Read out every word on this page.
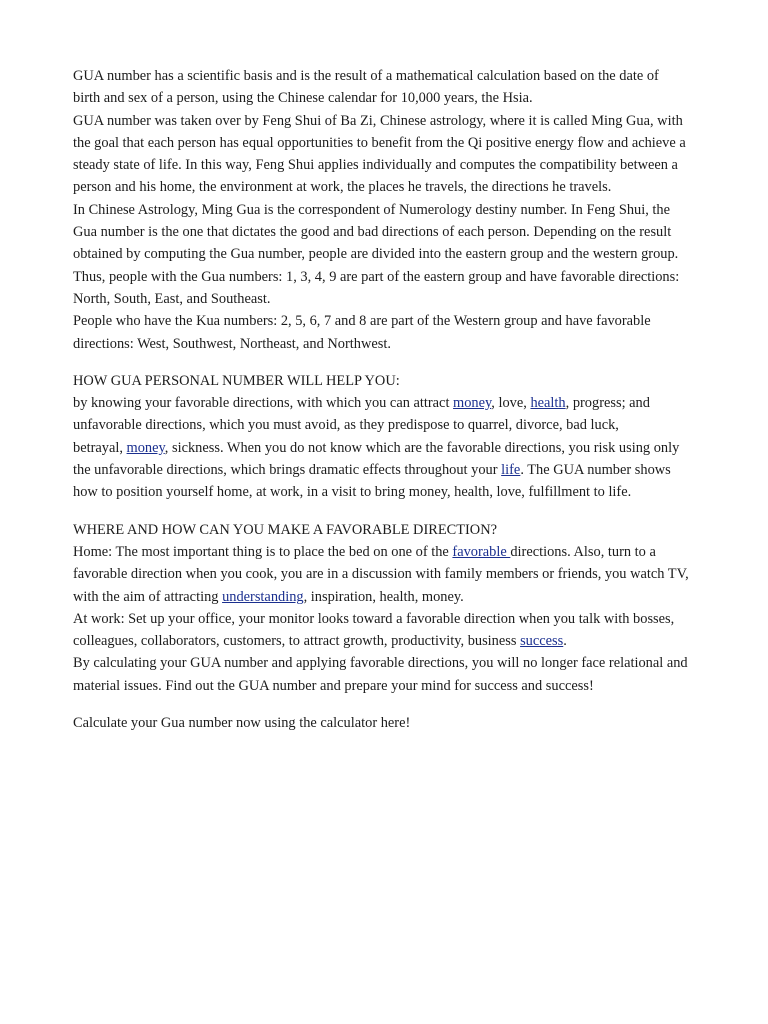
GUA number has a scientific basis and is the result of a mathematical calculation based on the date of
birth and sex of a person, using the Chinese calendar for 10,000 years, the Hsia.
GUA number was taken over by Feng Shui of Ba Zi, Chinese astrology, where it is called Ming Gua, with
the goal that each person has equal opportunities to benefit from the Qi positive energy flow and achieve a
steady state of life. In this way, Feng Shui applies individually and computes the compatibility between a
person and his home, the environment at work, the places he travels, the directions he travels.
In Chinese Astrology, Ming Gua is the correspondent of Numerology destiny number. In Feng Shui, the
Gua number is the one that dictates the good and bad directions of each person. Depending on the result
obtained by computing the Gua number, people are divided into the eastern group and the western group.
Thus, people with the Gua numbers: 1, 3, 4, 9 are part of the eastern group and have favorable directions:
North, South, East, and Southeast.
People who have the Kua numbers: 2, 5, 6, 7 and 8 are part of the Western group and have favorable
directions: West, Southwest, Northeast, and Northwest.
HOW GUA PERSONAL NUMBER WILL HELP YOU:
by knowing your favorable directions, with which you can attract money, love, health, progress; and
unfavorable directions, which you must avoid, as they predispose to quarrel, divorce, bad luck,
betrayal, money, sickness. When you do not know which are the favorable directions, you risk using only
the unfavorable directions, which brings dramatic effects throughout your life. The GUA number shows
how to position yourself home, at work, in a visit to bring money, health, love, fulfillment to life.
WHERE AND HOW CAN YOU MAKE A FAVORABLE DIRECTION?
Home: The most important thing is to place the bed on one of the favorable directions. Also, turn to a
favorable direction when you cook, you are in a discussion with family members or friends, you watch TV,
with the aim of attracting understanding, inspiration, health, money.
At work: Set up your office, your monitor looks toward a favorable direction when you talk with bosses,
colleagues, collaborators, customers, to attract growth, productivity, business success.
By calculating your GUA number and applying favorable directions, you will no longer face relational and
material issues. Find out the GUA number and prepare your mind for success and success!
Calculate your Gua number now using the calculator here!
